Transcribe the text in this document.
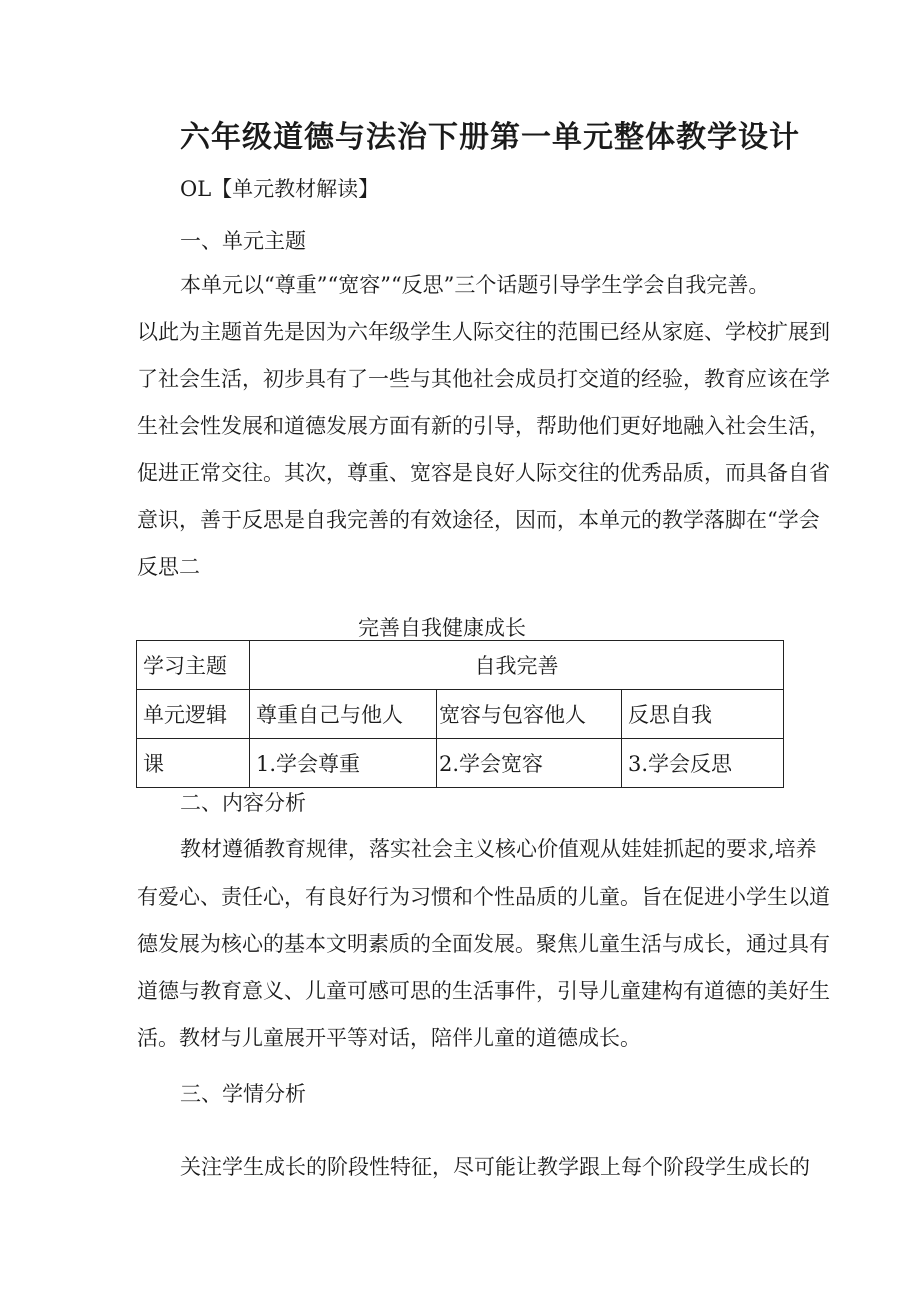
六年级道德与法治下册第一单元整体教学设计
OL【单元教材解读】
一、单元主题
本单元以“尊重”“宽容”“反思”三个话题引导学生学会自我完善。
以此为主题首先是因为六年级学生人际交往的范围已经从家庭、学校扩展到
了社会生活，初步具有了一些与其他社会成员打交道的经验，教育应该在学
生社会性发展和道德发展方面有新的引导，帮助他们更好地融入社会生活，
促进正常交往。其次，尊重、宽容是良好人际交往的优秀品质，而具备自省
意识，善于反思是自我完善的有效途径，因而，本单元的教学落脚在“学会
反思二
完善自我健康成长
学习主题	自我完善		
单元逻辑	尊重自己与他人	宽容与包容他人	反思自我
课	1.学会尊重	2.学会宽容	3.学会反思
二、内容分析
教材遵循教育规律，落实社会主义核心价值观从娃娃抓起的要求,培养
有爱心、责任心，有良好行为习惯和个性品质的儿童。旨在促进小学生以道
德发展为核心的基本文明素质的全面发展。聚焦儿童生活与成长，通过具有
道德与教育意义、儿童可感可思的生活事件，引导儿童建构有道德的美好生
活。教材与儿童展开平等对话，陪伴儿童的道德成长。
三、学情分析
关注学生成长的阶段性特征，尽可能让教学跟上每个阶段学生成长的
